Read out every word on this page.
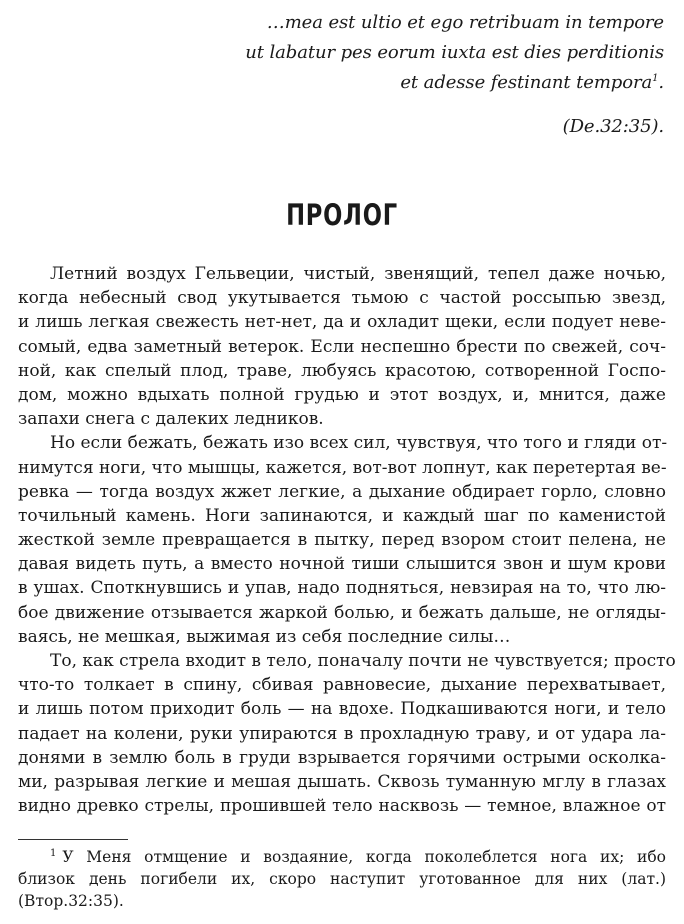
…mea est ultio et ego retribuam in tempore
ut labatur pes eorum iuxta est dies perditionis
et adesse festinant tempora$^1$.
(De.32:35).
ПРОЛОГ

Летний воздух Гельвеции, чистый, звенящий, тепел даже ночью,
когда небесный свод укутывается тьмою с частой россыпью звезд,
и лишь легкая свежесть нет-нет, да и охладит щеки, если подует неве-
сомый, едва заметный ветерок. Если неспешно брести по свежей, соч-
ной, как спелый плод, траве, любуясь красотою, сотворенной Госпо-
дом, можно вдыхать полной грудью и этот воздух, и, мнится, даже
запахи снега с далеких ледников.

Но если бежать, бежать изо всех сил, чувствуя, что того и гляди от-
нимутся ноги, что мышцы, кажется, вот-вот лопнут, как перетертая ве-
ревка — тогда воздух жжет легкие, а дыхание обдирает горло, словно
точильный камень. Ноги запинаются, и каждый шаг по каменистой
жесткой земле превращается в пытку, перед взором стоит пелена, не
давая видеть путь, а вместо ночной тиши слышится звон и шум крови
в ушах. Споткнувшись и упав, надо подняться, невзирая на то, что лю-
бое движение отзывается жаркой болью, и бежать дальше, не огляды-
ваясь, не мешкая, выжимая из себя последние силы…

То, как стрела входит в тело, поначалу почти не чувствуется; просто
что-то толкает в спину, сбивая равновесие, дыхание перехватывает,
и лишь потом приходит боль — на вдохе. Подкашиваются ноги, и тело
падает на колени, руки упираются в прохладную траву, и от удара ла-
донями в землю боль в груди взрывается горячими острыми осколка-
ми, разрывая легкие и мешая дышать. Сквозь туманную мглу в глазах
видно древко стрелы, прошившей тело насквозь — темное, влажное от

$^1$ У Меня отмщение и воздаяние, когда поколеблется нога их; ибо
близок день погибели их, скоро наступит уготованное для них (лат.)
(Втор.32:35).
